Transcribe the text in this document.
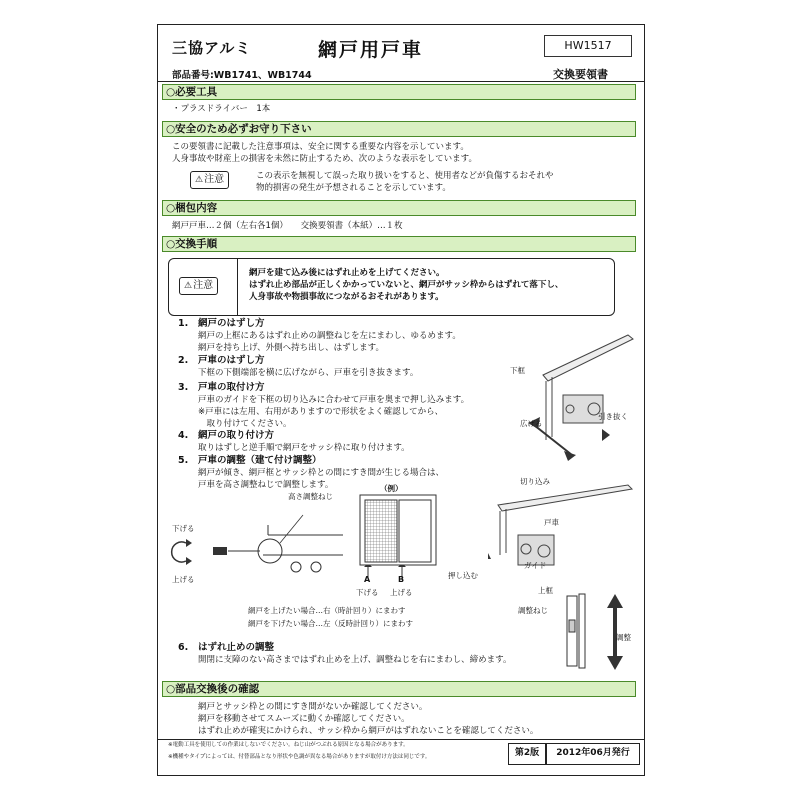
三協アルミ	網戸用戸車	HW1517
部品番号:WB1741、WB1744	交換要領書
○必要工具
・プラスドライバー　1本
○安全のため必ずお守り下さい
この要領書に記載した注意事項は、安全に関する重要な内容を示しています。
人身事故や財産上の損害を未然に防止するため、次のような表示をしています。
⚠注意	この表示を無視して誤った取り扱いをすると、使用者などが負傷するおそれや
物的損害の発生が予想されることを示しています。
○梱包内容
網戸戸車…２個（左右各1個）　　交換要領書（本紙）…１枚
○交換手順
⚠注意
網戸を建て込み後にはずれ止めを上げてください。
はずれ止め部品が正しくかかっていないと、網戸がサッシ枠からはずれて落下し、
人身事故や物損事故につながるおそれがあります。
1. 網戸のはずし方
網戸の上框にあるはずれ止めの調整ねじを左にまわし、ゆるめます。
網戸を持ち上げ、外側へ持ち出し、はずします。
2. 戸車のはずし方
下框の下側端部を横に広げながら、戸車を引き抜きます。
3. 戸車の取付け方
戸車のガイドを下框の切り込みに合わせて戸車を奥まで押し込みます。
※戸車には左用、右用がありますので形状をよく確認してから、
　取り付けてください。
4. 網戸の取り付け方
取りはずしと逆手順で網戸をサッシ枠に取り付けます。
5. 戸車の調整（建て付け調整）
網戸が傾き、網戸框とサッシ枠との間にすき間が生じる場合は、
戸車を高さ調整ねじで調整します。
高さ調整ねじ
下げる
上げる
（例）
A	B
下げる 上げる
網戸を上げたい場合…右（時計回り）にまわす
網戸を下げたい場合…左（反時計回り）にまわす
下框
広げる
引き抜く
切り込み
戸車
ガイド
押し込む
上框
調整ねじ
調整
6. はずれ止めの調整
開閉に支障のない高さまではずれ止めを上げ、調整ねじを右にまわし、締めます。
○部品交換後の確認
網戸とサッシ枠との間にすき間がないか確認してください。
網戸を移動させてスムーズに動くか確認してください。
はずれ止めが確実にかけられ、サッシ枠から網戸がはずれないことを確認してください。
※電動工具を使用しての作業はしないでください。ねじ山がつぶれる原因となる場合があります。
※機種やタイプによっては、付替部品となり形状や色調が異なる場合がありますが取付け方法は同じです。	第2版	2012年06月発行
